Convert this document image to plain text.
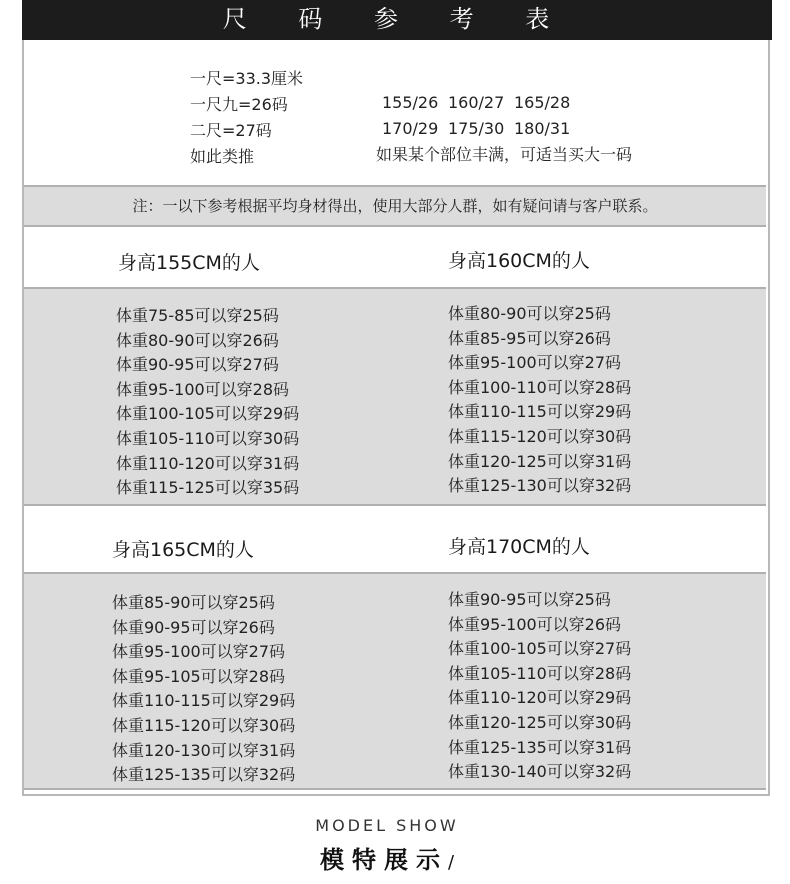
尺 码 参 考 表
一尺=33.3厘米
一尺九=26码
二尺=27码
如此类推
155/26 160/27 165/28
170/29 175/30 180/31
如果某个部位丰满，可适当买大一码
注：一以下参考根据平均身材得出，使用大部分人群，如有疑问请与客户联系。
身高155CM的人	身高160CM的人
身高165CM的人	身高170CM的人
体重75-85可以穿25码
体重80-90可以穿26码
体重90-95可以穿27码
体重95-100可以穿28码
体重100-105可以穿29码
体重105-110可以穿30码
体重110-120可以穿31码
体重115-125可以穿35码
体重80-90可以穿25码
体重85-95可以穿26码
体重95-100可以穿27码
体重100-110可以穿28码
体重110-115可以穿29码
体重115-120可以穿30码
体重120-125可以穿31码
体重125-130可以穿32码
体重85-90可以穿25码
体重90-95可以穿26码
体重95-100可以穿27码
体重95-105可以穿28码
体重110-115可以穿29码
体重115-120可以穿30码
体重120-130可以穿31码
体重125-135可以穿32码
体重90-95可以穿25码
体重95-100可以穿26码
体重100-105可以穿27码
体重105-110可以穿28码
体重110-120可以穿29码
体重120-125可以穿30码
体重125-135可以穿31码
体重130-140可以穿32码
MODEL SHOW
模特展示/
